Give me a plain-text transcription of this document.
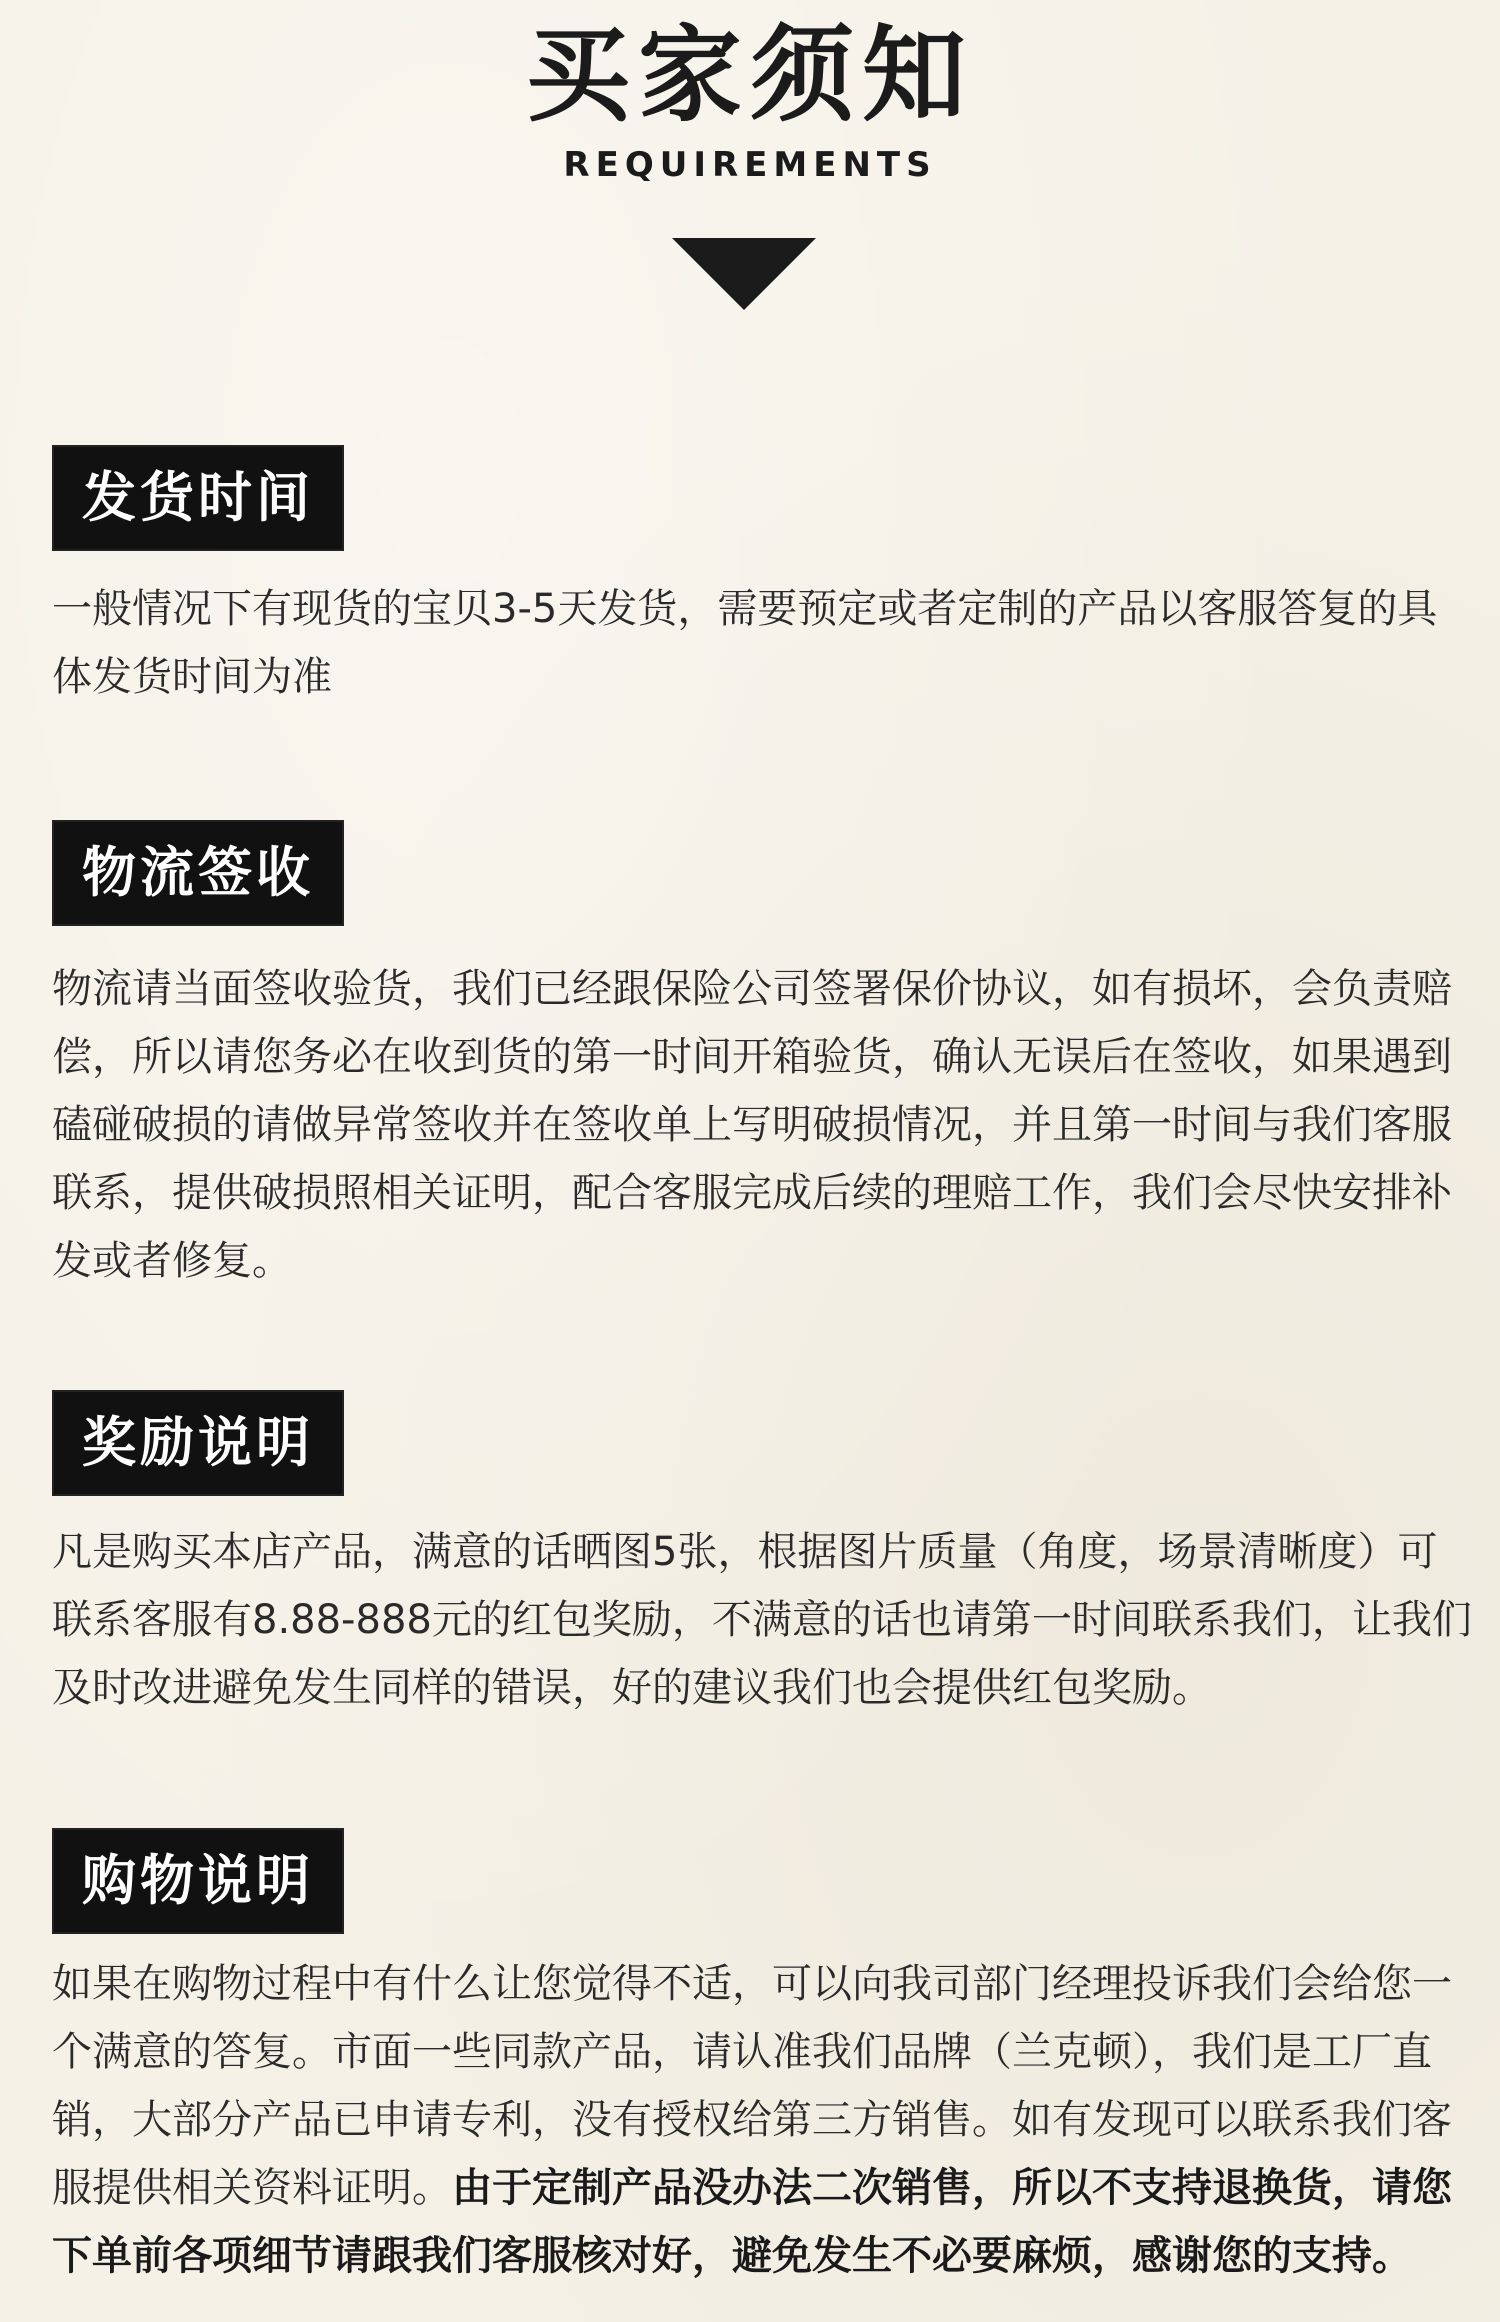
买家须知
REQUIREMENTS
发货时间

一般情况下有现货的宝贝3-5天发货，需要预定或者定制的产品以客服答复的具体发货时间为准

物流签收

物流请当面签收验货，我们已经跟保险公司签署保价协议，如有损坏，会负责赔偿，所以请您务必在收到货的第一时间开箱验货，确认无误后在签收，如果遇到磕碰破损的请做异常签收并在签收单上写明破损情况，并且第一时间与我们客服联系，提供破损照相关证明，配合客服完成后续的理赔工作，我们会尽快安排补发或者修复。

奖励说明

凡是购买本店产品，满意的话晒图5张，根据图片质量（角度，场景清晰度）可联系客服有8.88-888元的红包奖励，不满意的话也请第一时间联系我们，让我们及时改进避免发生同样的错误，好的建议我们也会提供红包奖励。

购物说明

如果在购物过程中有什么让您觉得不适，可以向我司部门经理投诉我们会给您一个满意的答复。市面一些同款产品，请认准我们品牌（兰克顿），我们是工厂直销，大部分产品已申请专利，没有授权给第三方销售。如有发现可以联系我们客服提供相关资料证明。由于定制产品没办法二次销售，所以不支持退换货，请您下单前各项细节请跟我们客服核对好，避免发生不必要麻烦，感谢您的支持。
